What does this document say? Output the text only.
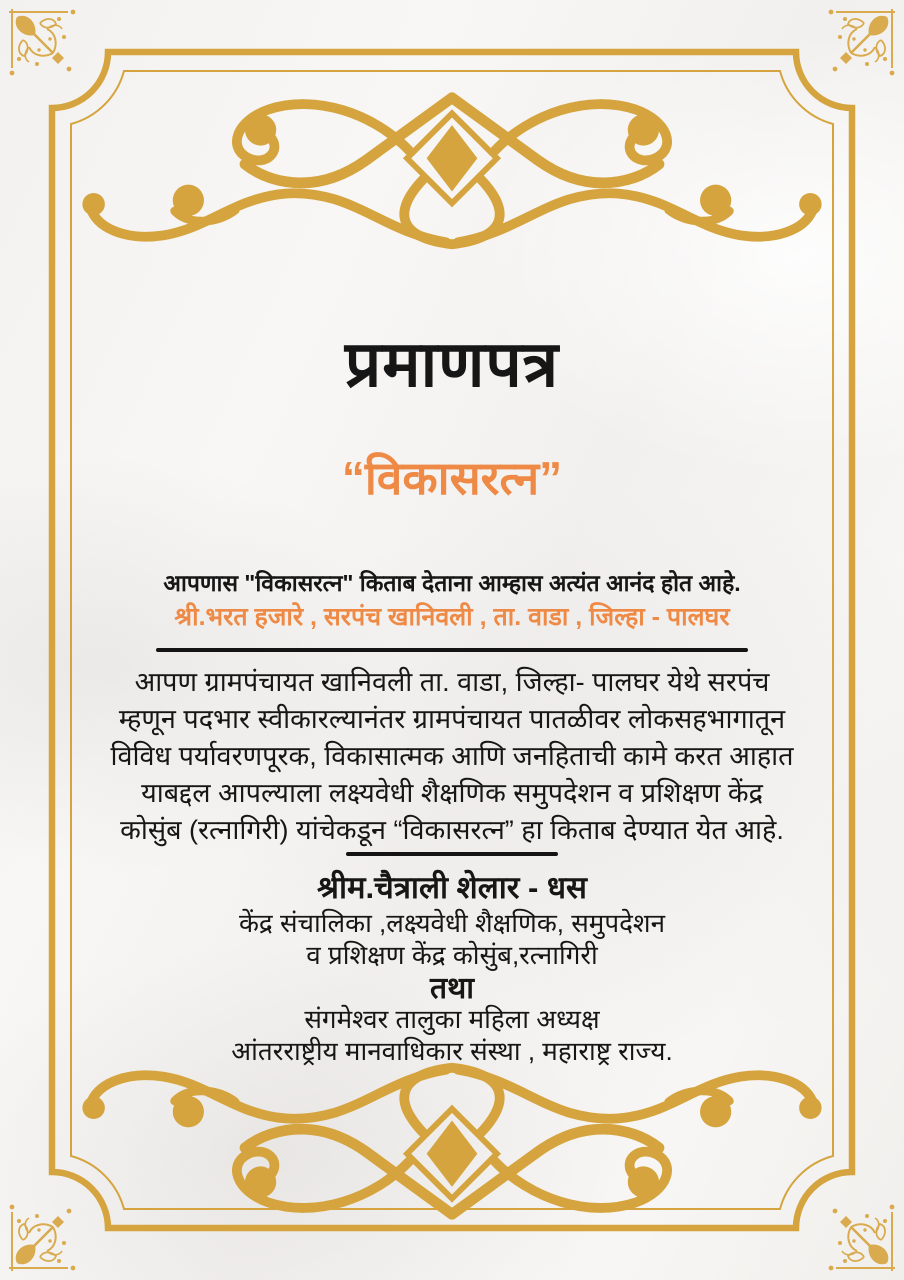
प्रमाणपत्र
“विकासरत्न”
आपणास "विकासरत्न" किताब देताना आम्हास अत्यंत आनंद होत आहे.
श्री.भरत हजारे , सरपंच खानिवली , ता. वाडा , जिल्हा - पालघर
आपण ग्रामपंचायत खानिवली ता. वाडा, जिल्हा- पालघर येथे सरपंच
म्हणून पदभार स्वीकारल्यानंतर ग्रामपंचायत पातळीवर लोकसहभागातून
विविध पर्यावरणपूरक, विकासात्मक आणि जनहिताची कामे करत आहात
याबद्दल आपल्याला लक्ष्यवेधी शैक्षणिक समुपदेशन व प्रशिक्षण केंद्र
कोसुंब (रत्नागिरी) यांचेकडून “विकासरत्न” हा किताब देण्यात येत आहे.
श्रीम.चैत्राली शेलार - धस
केंद्र संचालिका ,लक्ष्यवेधी शैक्षणिक, समुपदेशन
व प्रशिक्षण केंद्र कोसुंब,रत्नागिरी
तथा
संगमेश्वर तालुका महिला अध्यक्ष
आंतरराष्ट्रीय मानवाधिकार संस्था , महाराष्ट्र राज्य.
